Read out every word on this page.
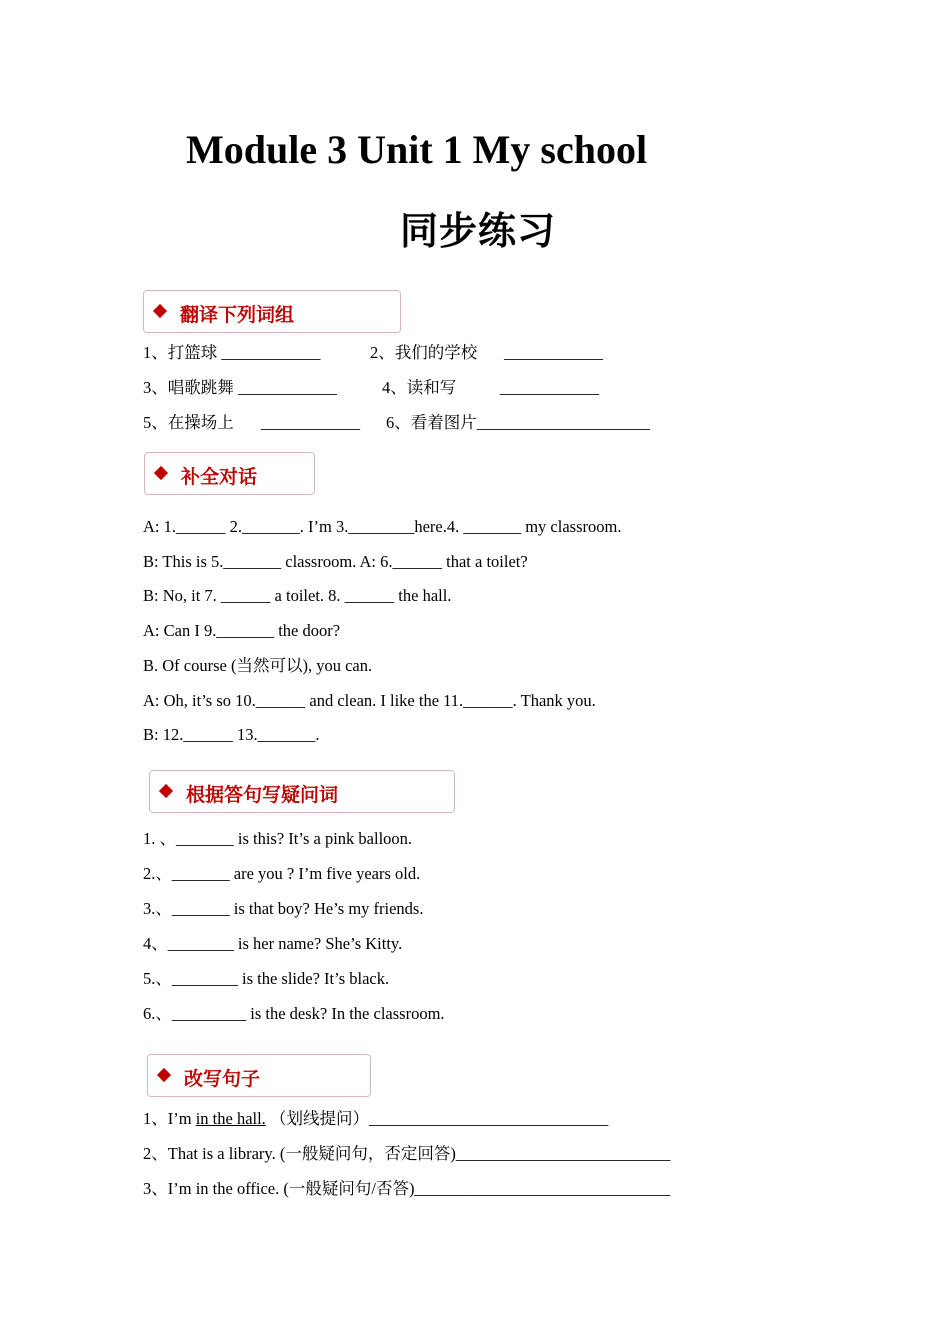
Module 3 Unit 1 My school
同步练习
翻译下列词组
1、打篮球 ____________	2、我们的学校 ____________
3、唱歌跳舞 ____________	4、读和写	____________
5、在操场上 ____________ 6、看着图片_____________________
补全对话
A: 1.______ 2._______. I’m 3.________here.4. _______ my classroom.
B: This is 5._______ classroom. A: 6.______ that a toilet?
B: No, it 7. ______ a toilet. 8. ______ the hall.
A: Can I 9._______ the door?
B. Of course (当然可以), you can.
A: Oh, it’s so 10.______ and clean. I like the 11.______. Thank you.
B: 12.______ 13._______.
根据答句写疑问词
1. 、_______ is this? It’s a pink balloon.
2.、_______ are you ? I’m five years old.
3.、_______ is that boy? He’s my friends.
4、________ is her name? She’s Kitty.
5.、________ is the slide? It’s black.
6.、_________ is the desk? In the classroom.
改写句子
1、I’m in the hall. （划线提问）_____________________________
2、That is a library. (一般疑问句，否定回答)__________________________
3、I’m in the office. (一般疑问句/否答)_______________________________
